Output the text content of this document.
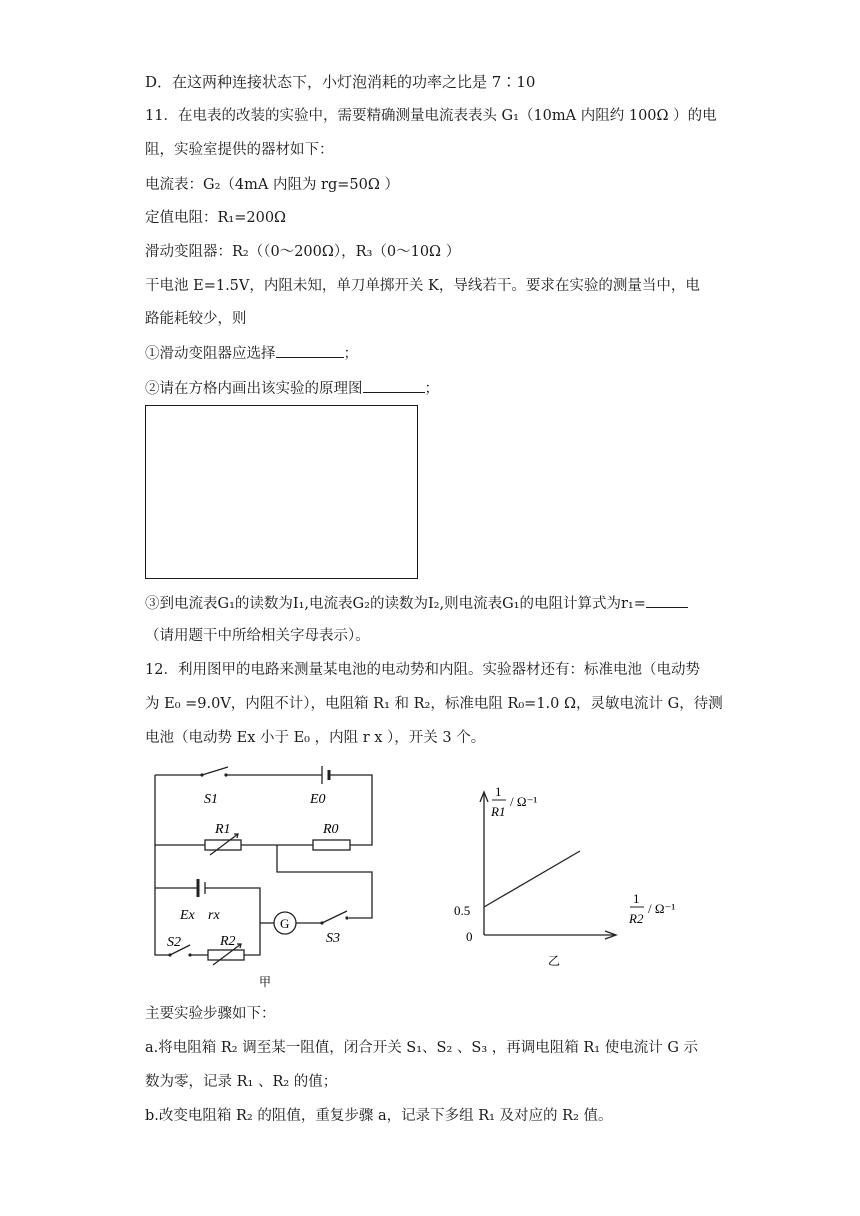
D．在这两种连接状态下，小灯泡消耗的功率之比是 7∶10
11．在电表的改装的实验中，需要精确测量电流表表头 G₁（10mA 内阻约 100Ω ）的电
阻，实验室提供的器材如下：
电流表：G₂（4mA 内阻为 rg=50Ω ）
定值电阻：R₁=200Ω
滑动变阻器：R₂（（0～200Ω），R₃（0～10Ω ）
干电池 E=1.5V，内阻未知，单刀单掷开关 K，导线若干。要求在实验的测量当中，电
路能耗较少，则
①滑动变阻器应选择	；
②请在方格内画出该实验的原理图	；
③到电流表G₁的读数为I₁,电流表G₂的读数为I₂,则电流表G₁的电阻计算式为r₁=
（请用题干中所给相关字母表示）。
12．利用图甲的电路来测量某电池的电动势和内阻。实验器材还有：标准电池（电动势
为 E₀ =9.0V，内阻不计），电阻箱 R₁ 和 R₂，标准电阻 R₀=1.0 Ω，灵敏电流计 G，待测
电池（电动势 Ex 小于 E₀ ，内阻 r x ），开关 3 个。
S1	E0
R1	R0
Ex rx
G
S3
S2	R2
甲
1
R1
/ Ω⁻¹
1
R2
/ Ω⁻¹
0.5
0
乙
主要实验步骤如下：
a.将电阻箱 R₂ 调至某一阻值，闭合开关 S₁、S₂ 、S₃ ，再调电阻箱 R₁ 使电流计 G 示
数为零，记录 R₁ 、R₂ 的值；
b.改变电阻箱 R₂ 的阻值，重复步骤 a，记录下多组 R₁ 及对应的 R₂ 值。
